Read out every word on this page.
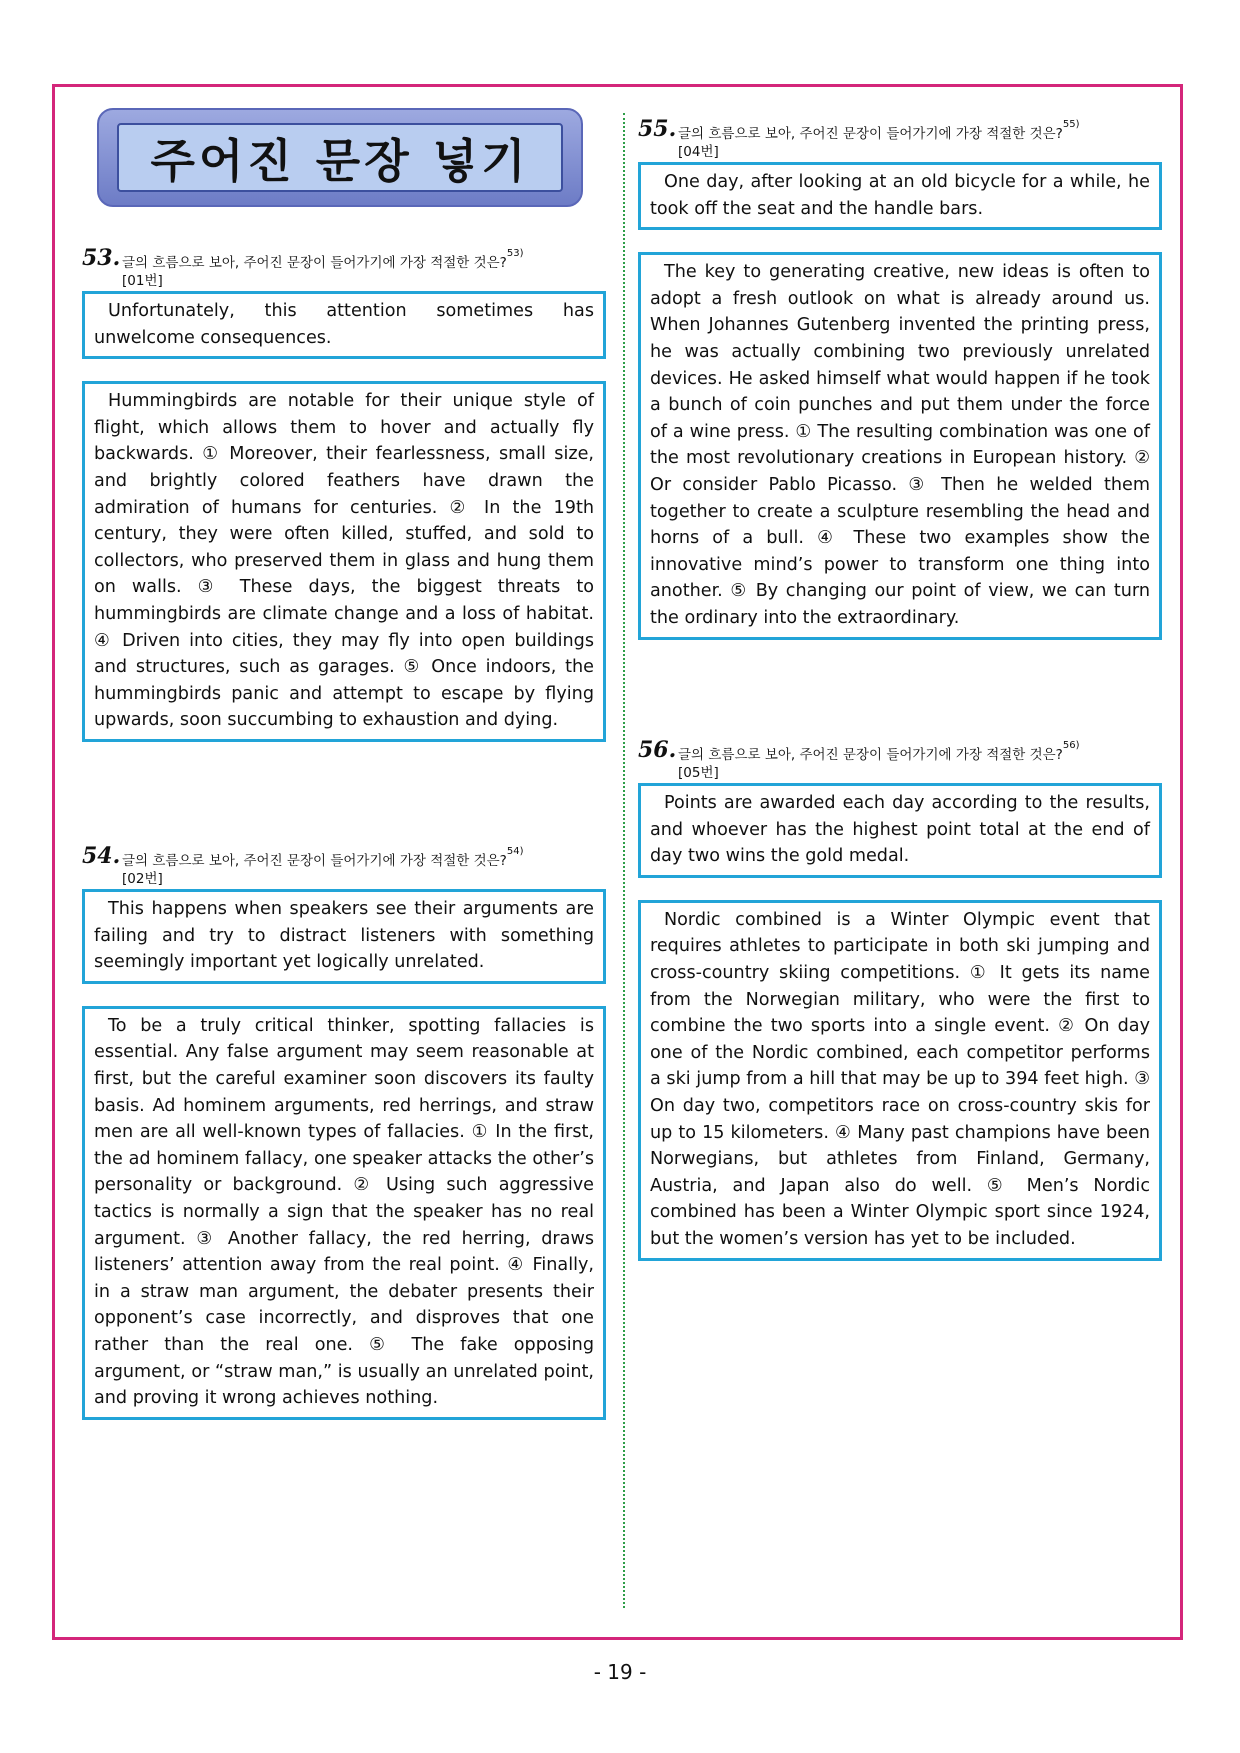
주어진 문장 넣기
53. 글의 흐름으로 보아, 주어진 문장이 들어가기에 가장 적절한 것은?$^{53)}$
[01번]
Unfortunately, this attention sometimes has unwelcome consequences.
Hummingbirds are notable for their unique style of flight, which allows them to hover and actually fly backwards. ① Moreover, their fearlessness, small size, and brightly colored feathers have drawn the admiration of humans for centuries. ② In the 19th century, they were often killed, stuffed, and sold to collectors, who preserved them in glass and hung them on walls. ③ These days, the biggest threats to hummingbirds are climate change and a loss of habitat. ④ Driven into cities, they may fly into open buildings and structures, such as garages. ⑤ Once indoors, the hummingbirds panic and attempt to escape by flying upwards, soon succumbing to exhaustion and dying.
54. 글의 흐름으로 보아, 주어진 문장이 들어가기에 가장 적절한 것은?$^{54)}$
[02번]
This happens when speakers see their arguments are failing and try to distract listeners with something seemingly important yet logically unrelated.
To be a truly critical thinker, spotting fallacies is essential. Any false argument may seem reasonable at first, but the careful examiner soon discovers its faulty basis. Ad hominem arguments, red herrings, and straw men are all well-known types of fallacies. ① In the first, the ad hominem fallacy, one speaker attacks the other’s personality or background. ② Using such aggressive tactics is normally a sign that the speaker has no real argument. ③ Another fallacy, the red herring, draws listeners’ attention away from the real point. ④ Finally, in a straw man argument, the debater presents their opponent’s case incorrectly, and disproves that one rather than the real one. ⑤ The fake opposing argument, or “straw man,” is usually an unrelated point, and proving it wrong achieves nothing.
55. 글의 흐름으로 보아, 주어진 문장이 들어가기에 가장 적절한 것은?$^{55)}$
[04번]
One day, after looking at an old bicycle for a while, he took off the seat and the handle bars.
The key to generating creative, new ideas is often to adopt a fresh outlook on what is already around us. When Johannes Gutenberg invented the printing press, he was actually combining two previously unrelated devices. He asked himself what would happen if he took a bunch of coin punches and put them under the force of a wine press. ① The resulting combination was one of the most revolutionary creations in European history. ② Or consider Pablo Picasso. ③ Then he welded them together to create a sculpture resembling the head and horns of a bull. ④ These two examples show the innovative mind’s power to transform one thing into another. ⑤ By changing our point of view, we can turn the ordinary into the extraordinary.
56. 글의 흐름으로 보아, 주어진 문장이 들어가기에 가장 적절한 것은?$^{56)}$
[05번]
Points are awarded each day according to the results, and whoever has the highest point total at the end of day two wins the gold medal.
Nordic combined is a Winter Olympic event that requires athletes to participate in both ski jumping and cross-country skiing competitions. ① It gets its name from the Norwegian military, who were the first to combine the two sports into a single event. ② On day one of the Nordic combined, each competitor performs a ski jump from a hill that may be up to 394 feet high. ③ On day two, competitors race on cross-country skis for up to 15 kilometers. ④ Many past champions have been Norwegians, but athletes from Finland, Germany, Austria, and Japan also do well. ⑤ Men’s Nordic combined has been a Winter Olympic sport since 1924, but the women’s version has yet to be included.
- 19 -
